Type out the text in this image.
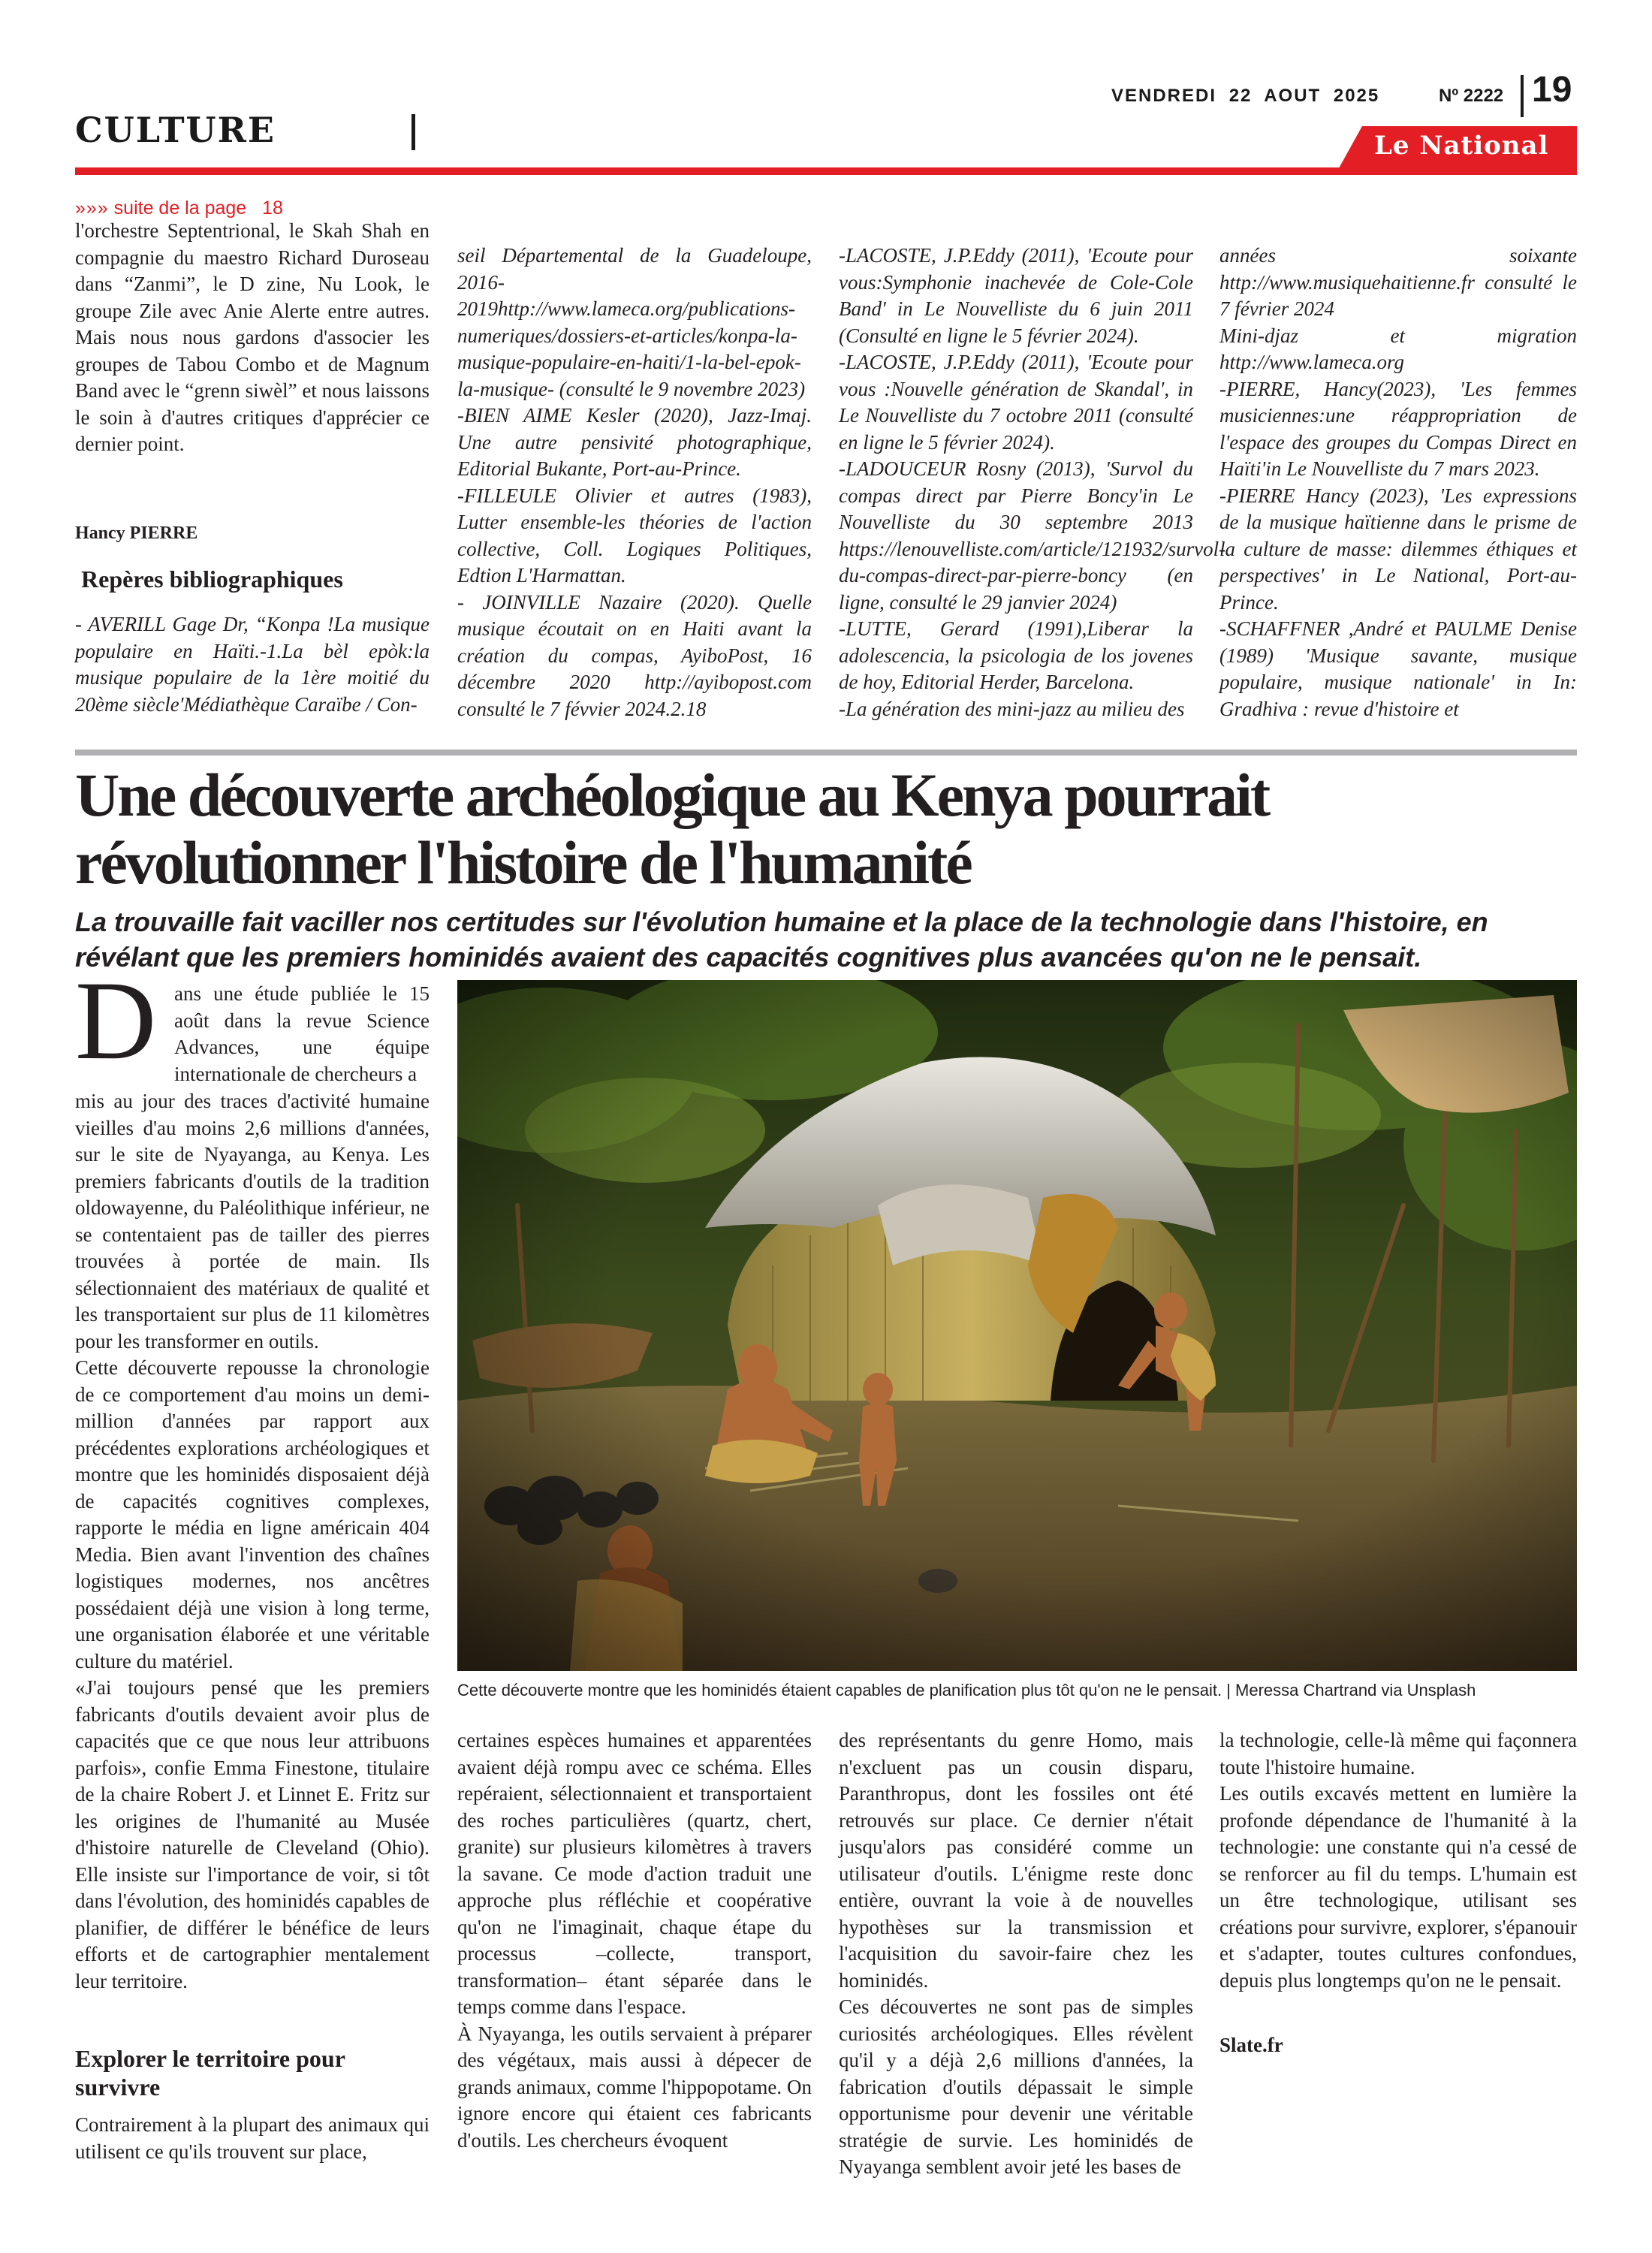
CULTURE
VENDREDI 22 AOUT 2025	Nº 2222 19
Le National
»»» suite de la page 18

l'orchestre Septentrional, le Skah Shah en compagnie du maestro Richard Duroseau dans “Zanmi”, le D zine, Nu Look, le groupe Zile avec Anie Alerte entre autres. Mais nous nous gardons d'associer les groupes de Tabou Combo et de Magnum Band avec le “grenn siwèl” et nous laissons le soin à d'autres critiques d'apprécier ce dernier point.

Hancy PIERRE
Repères bibliographiques

- AVERILL Gage Dr, “Konpa !La musique populaire en Haïti.-1.La bèl epòk:la musique populaire de la 1ère moitié du 20ème siècle'Médiathèque Caraïbe / Con-

seil Départemental de la Guadeloupe, 2016-2019http://www.lameca.org/publications-numeriques/dossiers-et-articles/konpa-la-musique-populaire-en-haiti/1-la-bel-epok-la-musique- (consulté le 9 novembre 2023)

-BIEN AIME Kesler (2020), Jazz-Imaj. Une autre pensivité photographique, Editorial Bukante, Port-au-Prince.

-FILLEULE Olivier et autres (1983), Lutter ensemble-les théories de l'action collective, Coll. Logiques Politiques, Edtion L'Harmattan.

- JOINVILLE Nazaire (2020). Quelle musique écoutait on en Haiti avant la création du compas, AyiboPost, 16 décembre 2020 http://ayibopost.com consulté le 7 févvier 2024.2.18

-LACOSTE, J.P.Eddy (2011), 'Ecoute pour vous:Symphonie inachevée de Cole-Cole Band' in Le Nouvelliste du 6 juin 2011 (Consulté en ligne le 5 février 2024).

-LACOSTE, J.P.Eddy (2011), 'Ecoute pour vous :Nouvelle génération de Skandal', in Le Nouvelliste du 7 octobre 2011 (consulté en ligne le 5 février 2024).

-LADOUCEUR Rosny (2013), 'Survol du compas direct par Pierre Boncy'in Le Nouvelliste du 30 septembre 2013 https://lenouvelliste.com/article/121932/survol-du-compas-direct-par-pierre-boncy (en ligne, consulté le 29 janvier 2024)

-LUTTE, Gerard (1991),Liberar la adolescencia, la psicologia de los jovenes de hoy, Editorial Herder, Barcelona.

-La génération des mini-jazz au milieu des

années soixante http://www.musiquehaitienne.fr consulté le 7 février 2024

Mini-djaz et migration http://www.lameca.org

-PIERRE, Hancy(2023), 'Les femmes musiciennes:une réappropriation de l'espace des groupes du Compas Direct en Haïti'in Le Nouvelliste du 7 mars 2023.

-PIERRE Hancy (2023), 'Les expressions de la musique haïtienne dans le prisme de la culture de masse: dilemmes éthiques et perspectives' in Le National, Port-au-Prince.

-SCHAFFNER ,André et PAULME Denise (1989) 'Musique savante, musique populaire, musique nationale' in In: Gradhiva : revue d'histoire et

Une découverte archéologique au Kenya pourrait révolutionner l'histoire de l'humanité
La trouvaille fait vaciller nos certitudes sur l'évolution humaine et la place de la technologie dans l'histoire, en révélant que les premiers hominidés avaient des capacités cognitives plus avancées qu'on ne le pensait.
D ans une étude publiée le 15 août dans la revue Science Advances, une équipe internationale de chercheurs a

mis au jour des traces d'activité humaine vieilles d'au moins 2,6 millions d'années, sur le site de Nyayanga, au Kenya. Les premiers fabricants d'outils de la tradition oldowayenne, du Paléolithique inférieur, ne se contentaient pas de tailler des pierres trouvées à portée de main. Ils sélectionnaient des matériaux de qualité et les transportaient sur plus de 11 kilomètres pour les transformer en outils.

Cette découverte repousse la chronologie de ce comportement d'au moins un demi-million d'années par rapport aux précédentes explorations archéologiques et montre que les hominidés disposaient déjà de capacités cognitives complexes, rapporte le média en ligne américain 404 Media. Bien avant l'invention des chaînes logistiques modernes, nos ancêtres possédaient déjà une vision à long terme, une organisation élaborée et une véritable culture du matériel.

«J'ai toujours pensé que les premiers fabricants d'outils devaient avoir plus de capacités que ce que nous leur attribuons parfois», confie Emma Finestone, titulaire de la chaire Robert J. et Linnet E. Fritz sur les origines de l'humanité au Musée d'histoire naturelle de Cleveland (Ohio). Elle insiste sur l'importance de voir, si tôt dans l'évolution, des hominidés capables de planifier, de différer le bénéfice de leurs efforts et de cartographier mentalement leur territoire.

Explorer le territoire pour survivre

Contrairement à la plupart des animaux qui utilisent ce qu'ils trouvent sur place,

Cette découverte montre que les hominidés étaient capables de planification plus tôt qu'on ne le pensait. | Meressa Chartrand via Unsplash

certaines espèces humaines et apparentées avaient déjà rompu avec ce schéma. Elles repéraient, sélectionnaient et transportaient des roches particulières (quartz, chert, granite) sur plusieurs kilomètres à travers la savane. Ce mode d'action traduit une approche plus réfléchie et coopérative qu'on ne l'imaginait, chaque étape du processus –collecte, transport, transformation– étant séparée dans le temps comme dans l'espace.

À Nyayanga, les outils servaient à préparer des végétaux, mais aussi à dépecer de grands animaux, comme l'hippopotame. On ignore encore qui étaient ces fabricants d'outils. Les chercheurs évoquent

des représentants du genre Homo, mais n'excluent pas un cousin disparu, Paranthropus, dont les fossiles ont été retrouvés sur place. Ce dernier n'était jusqu'alors pas considéré comme un utilisateur d'outils. L'énigme reste donc entière, ouvrant la voie à de nouvelles hypothèses sur la transmission et l'acquisition du savoir-faire chez les hominidés.

Ces découvertes ne sont pas de simples curiosités archéologiques. Elles révèlent qu'il y a déjà 2,6 millions d'années, la fabrication d'outils dépassait le simple opportunisme pour devenir une véritable stratégie de survie. Les hominidés de Nyayanga semblent avoir jeté les bases de

la technologie, celle-là même qui façonnera toute l'histoire humaine.

Les outils excavés mettent en lumière la profonde dépendance de l'humanité à la technologie: une constante qui n'a cessé de se renforcer au fil du temps. L'humain est un être technologique, utilisant ses créations pour survivre, explorer, s'épanouir et s'adapter, toutes cultures confondues, depuis plus longtemps qu'on ne le pensait.

Slate.fr
